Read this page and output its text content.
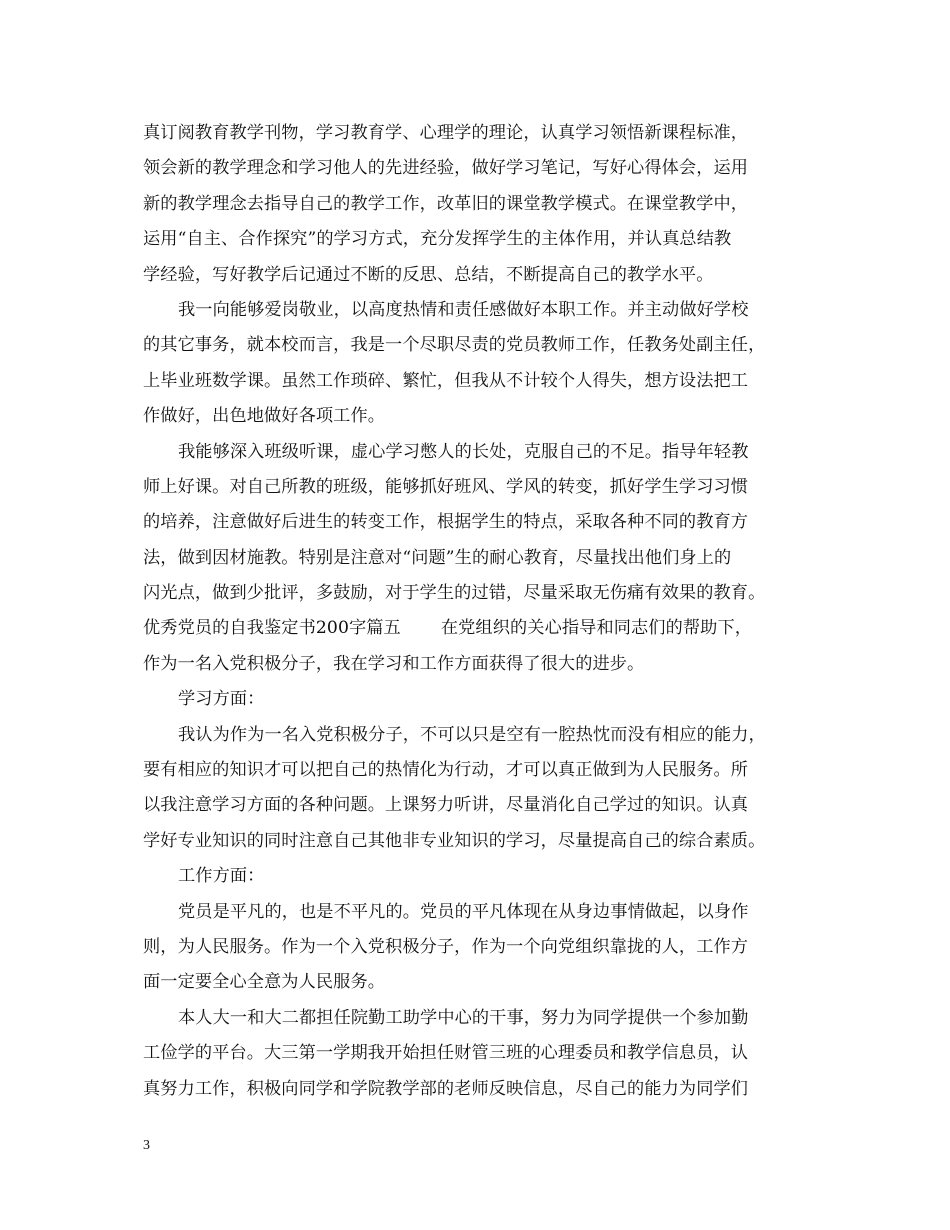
真订阅教育教学刊物，学习教育学、心理学的理论，认真学习领悟新课程标准，
领会新的教学理念和学习他人的先进经验，做好学习笔记，写好心得体会，运用
新的教学理念去指导自己的教学工作，改革旧的课堂教学模式。在课堂教学中，
运用“自主、合作探究”的学习方式，充分发挥学生的主体作用，并认真总结教
学经验，写好教学后记通过不断的反思、总结，不断提高自己的教学水平。
我一向能够爱岗敬业，以高度热情和责任感做好本职工作。并主动做好学校
的其它事务，就本校而言，我是一个尽职尽责的党员教师工作，任教务处副主任，
上毕业班数学课。虽然工作琐碎、繁忙，但我从不计较个人得失，想方设法把工
作做好，出色地做好各项工作。
我能够深入班级听课，虚心学习憋人的长处，克服自己的不足。指导年轻教
师上好课。对自己所教的班级，能够抓好班风、学风的转变，抓好学生学习习惯
的培养，注意做好后进生的转变工作，根据学生的特点，采取各种不同的教育方
法，做到因材施教。特别是注意对“问题”生的耐心教育，尽量找出他们身上的
闪光点，做到少批评，多鼓励，对于学生的过错，尽量采取无伤痛有效果的教育。
优秀党员的自我鉴定书200字篇五 在党组织的关心指导和同志们的帮助下，
作为一名入党积极分子，我在学习和工作方面获得了很大的进步。
学习方面：
我认为作为一名入党积极分子，不可以只是空有一腔热忱而没有相应的能力，
要有相应的知识才可以把自己的热情化为行动，才可以真正做到为人民服务。所
以我注意学习方面的各种问题。上课努力听讲，尽量消化自己学过的知识。认真
学好专业知识的同时注意自己其他非专业知识的学习，尽量提高自己的综合素质。
工作方面：
党员是平凡的，也是不平凡的。党员的平凡体现在从身边事情做起，以身作
则，为人民服务。作为一个入党积极分子，作为一个向党组织靠拢的人，工作方
面一定要全心全意为人民服务。
本人大一和大二都担任院勤工助学中心的干事，努力为同学提供一个参加勤
工俭学的平台。大三第一学期我开始担任财管三班的心理委员和教学信息员，认
真努力工作，积极向同学和学院教学部的老师反映信息，尽自己的能力为同学们
3
